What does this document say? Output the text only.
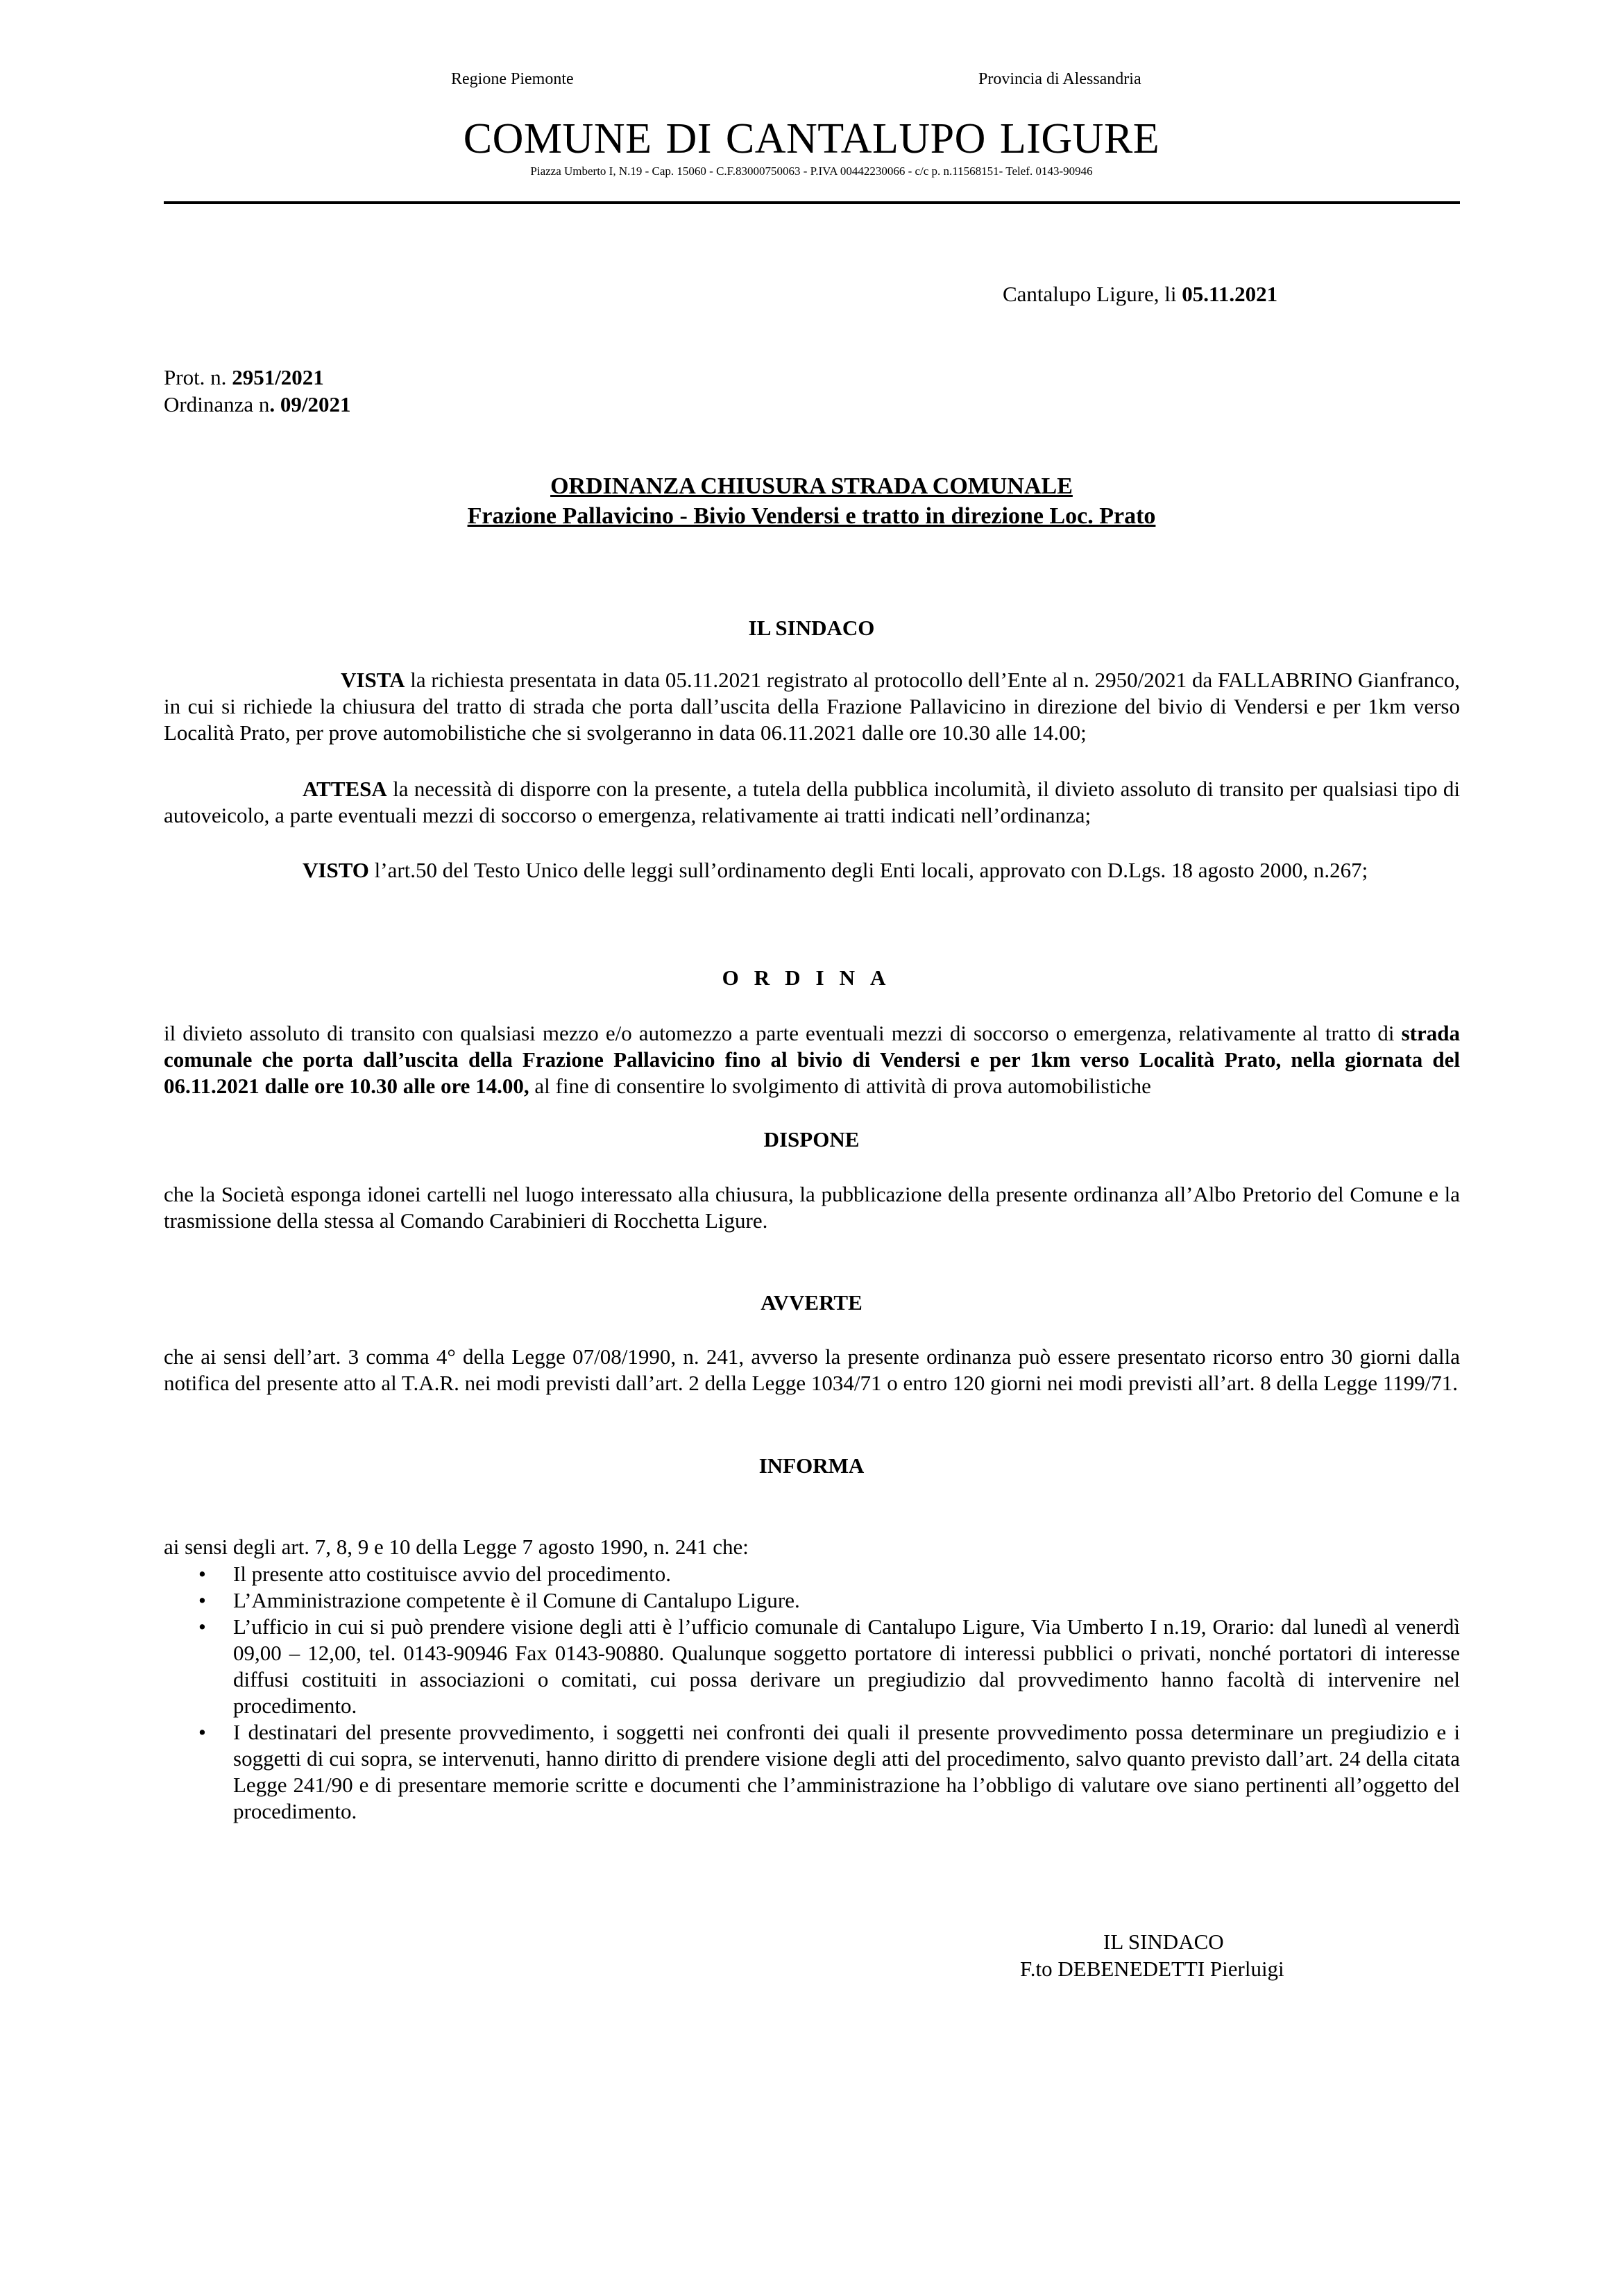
Regione Piemonte	Provincia di Alessandria
COMUNE DI CANTALUPO LIGURE
Piazza Umberto I, N.19 - Cap. 15060 - C.F.83000750063 - P.IVA 00442230066 - c/c p. n.11568151- Telef. 0143-90946
Cantalupo Ligure, li 05.11.2021
Prot. n. 2951/2021
Ordinanza n. 09/2021
ORDINANZA CHIUSURA STRADA COMUNALE
Frazione Pallavicino - Bivio Vendersi e tratto in direzione Loc. Prato
IL SINDACO
VISTA la richiesta presentata in data 05.11.2021 registrato al protocollo dell’Ente al n. 2950/2021 da FALLABRINO Gianfranco, in cui si richiede la chiusura del tratto di strada che porta dall’uscita della Frazione Pallavicino in direzione del bivio di Vendersi e per 1km verso Località Prato, per prove automobilistiche che si svolgeranno in data 06.11.2021 dalle ore 10.30 alle 14.00;
ATTESA la necessità di disporre con la presente, a tutela della pubblica incolumità, il divieto assoluto di transito per qualsiasi tipo di autoveicolo, a parte eventuali mezzi di soccorso o emergenza, relativamente ai tratti indicati nell’ordinanza;
VISTO l’art.50 del Testo Unico delle leggi sull’ordinamento degli Enti locali, approvato con D.Lgs. 18 agosto 2000, n.267;
ORDINA
il divieto assoluto di transito con qualsiasi mezzo e/o automezzo a parte eventuali mezzi di soccorso o emergenza, relativamente al tratto di strada comunale che porta dall’uscita della Frazione Pallavicino fino al bivio di Vendersi e per 1km verso Località Prato, nella giornata del 06.11.2021 dalle ore 10.30 alle ore 14.00, al fine di consentire lo svolgimento di attività di prova automobilistiche
DISPONE
che la Società esponga idonei cartelli nel luogo interessato alla chiusura, la pubblicazione della presente ordinanza all’Albo Pretorio del Comune e la trasmissione della stessa al Comando Carabinieri di Rocchetta Ligure.
AVVERTE
che ai sensi dell’art. 3 comma 4° della Legge 07/08/1990, n. 241, avverso la presente ordinanza può essere presentato ricorso entro 30 giorni dalla notifica del presente atto al T.A.R. nei modi previsti dall’art. 2 della Legge 1034/71 o entro 120 giorni nei modi previsti all’art. 8 della Legge 1199/71.
INFORMA
ai sensi degli art. 7, 8, 9 e 10 della Legge 7 agosto 1990, n. 241 che:
• Il presente atto costituisce avvio del procedimento.
• L’Amministrazione competente è il Comune di Cantalupo Ligure.
• L’ufficio in cui si può prendere visione degli atti è l’ufficio comunale di Cantalupo Ligure, Via Umberto I n.19, Orario: dal lunedì al venerdì 09,00 – 12,00, tel. 0143-90946 Fax 0143-90880. Qualunque soggetto portatore di interessi pubblici o privati, nonché portatori di interesse diffusi costituiti in associazioni o comitati, cui possa derivare un pregiudizio dal provvedimento hanno facoltà di intervenire nel procedimento.
• I destinatari del presente provvedimento, i soggetti nei confronti dei quali il presente provvedimento possa determinare un pregiudizio e i soggetti di cui sopra, se intervenuti, hanno diritto di prendere visione degli atti del procedimento, salvo quanto previsto dall’art. 24 della citata Legge 241/90 e di presentare memorie scritte e documenti che l’amministrazione ha l’obbligo di valutare ove siano pertinenti all’oggetto del procedimento.
IL SINDACO
F.to DEBENEDETTI Pierluigi
